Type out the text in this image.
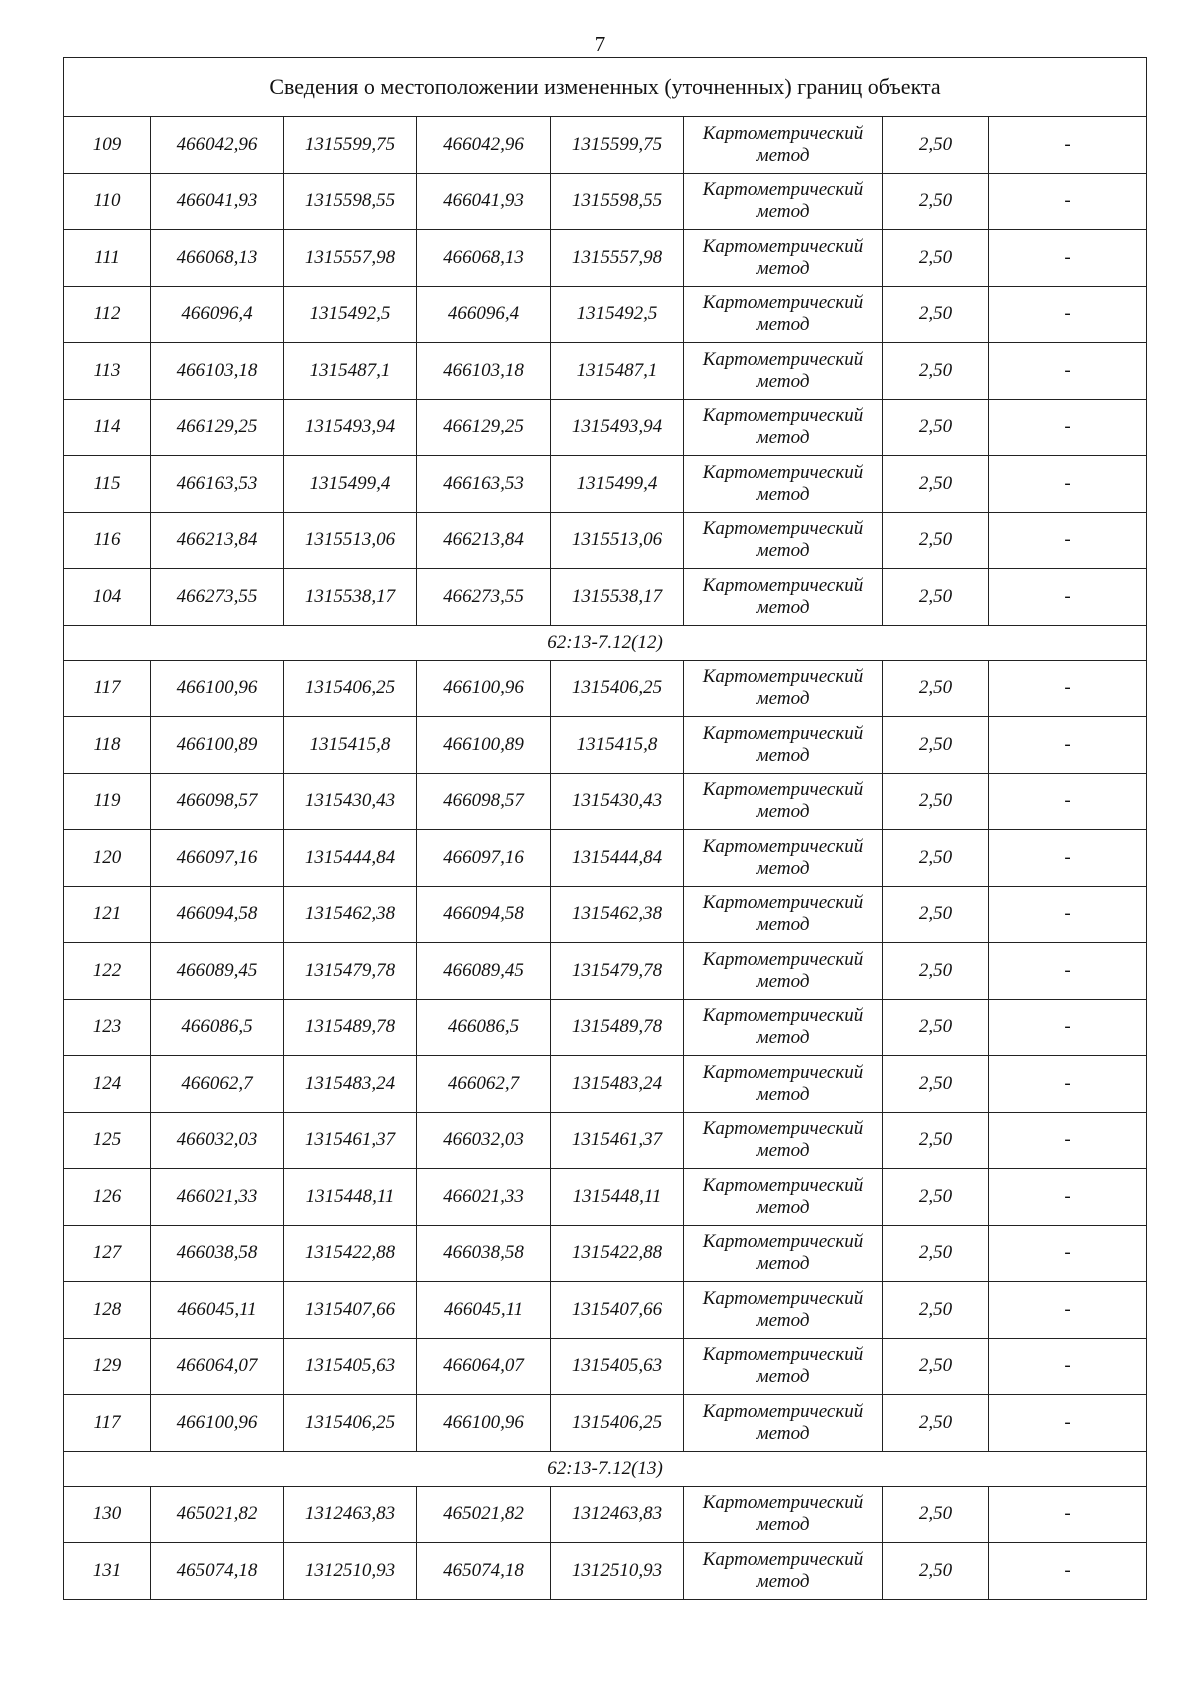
7
Сведения о местоположении измененных (уточненных) границ объекта							
109	466042,96	1315599,75	466042,96	1315599,75	Картометрический
метод	2,50	-
110	466041,93	1315598,55	466041,93	1315598,55	Картометрический
метод	2,50	-
111	466068,13	1315557,98	466068,13	1315557,98	Картометрический
метод	2,50	-
112	466096,4	1315492,5	466096,4	1315492,5	Картометрический
метод	2,50	-
113	466103,18	1315487,1	466103,18	1315487,1	Картометрический
метод	2,50	-
114	466129,25	1315493,94	466129,25	1315493,94	Картометрический
метод	2,50	-
115	466163,53	1315499,4	466163,53	1315499,4	Картометрический
метод	2,50	-
116	466213,84	1315513,06	466213,84	1315513,06	Картометрический
метод	2,50	-
104	466273,55	1315538,17	466273,55	1315538,17	Картометрический
метод	2,50	-
62:13-7.12(12)							
117	466100,96	1315406,25	466100,96	1315406,25	Картометрический
метод	2,50	-
118	466100,89	1315415,8	466100,89	1315415,8	Картометрический
метод	2,50	-
119	466098,57	1315430,43	466098,57	1315430,43	Картометрический
метод	2,50	-
120	466097,16	1315444,84	466097,16	1315444,84	Картометрический
метод	2,50	-
121	466094,58	1315462,38	466094,58	1315462,38	Картометрический
метод	2,50	-
122	466089,45	1315479,78	466089,45	1315479,78	Картометрический
метод	2,50	-
123	466086,5	1315489,78	466086,5	1315489,78	Картометрический
метод	2,50	-
124	466062,7	1315483,24	466062,7	1315483,24	Картометрический
метод	2,50	-
125	466032,03	1315461,37	466032,03	1315461,37	Картометрический
метод	2,50	-
126	466021,33	1315448,11	466021,33	1315448,11	Картометрический
метод	2,50	-
127	466038,58	1315422,88	466038,58	1315422,88	Картометрический
метод	2,50	-
128	466045,11	1315407,66	466045,11	1315407,66	Картометрический
метод	2,50	-
129	466064,07	1315405,63	466064,07	1315405,63	Картометрический
метод	2,50	-
117	466100,96	1315406,25	466100,96	1315406,25	Картометрический
метод	2,50	-
62:13-7.12(13)							
130	465021,82	1312463,83	465021,82	1312463,83	Картометрический
метод	2,50	-
131	465074,18	1312510,93	465074,18	1312510,93	Картометрический
метод	2,50	-
